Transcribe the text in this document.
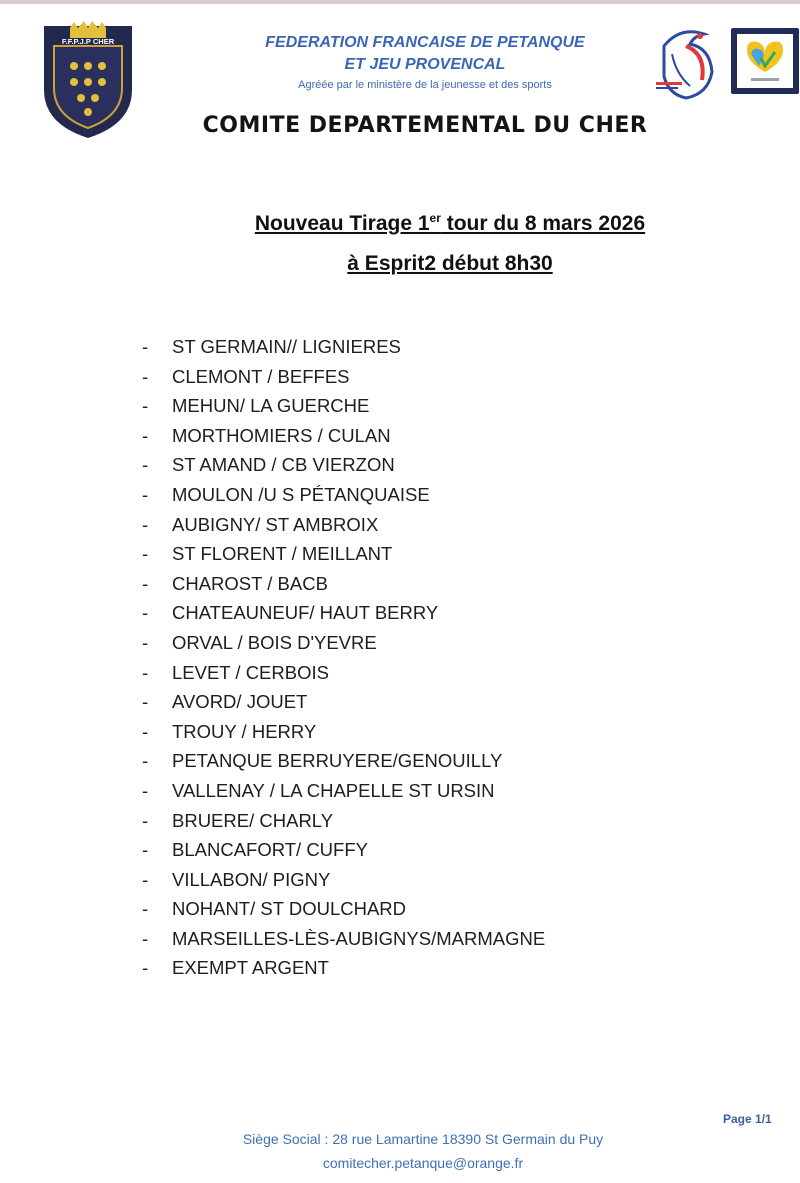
F.F.P.J.P CHER	FEDERATION FRANCAISE DE PETANQUE
ET JEU PROVENCAL
Agréée par le ministère de la jeunesse et des sports
COMITE DEPARTEMENTAL DU CHER
Nouveau Tirage 1er tour du 8 mars 2026
à Esprit2 début 8h30
- ST GERMAIN// LIGNIERES
- CLEMONT / BEFFES
- MEHUN/ LA GUERCHE
- MORTHOMIERS / CULAN
- ST AMAND / CB VIERZON
- MOULON /U S PÉTANQUAISE
- AUBIGNY/ ST AMBROIX
- ST FLORENT / MEILLANT
- CHAROST / BACB
- CHATEAUNEUF/ HAUT BERRY
- ORVAL / BOIS D'YEVRE
- LEVET / CERBOIS
- AVORD/ JOUET
- TROUY / HERRY
- PETANQUE BERRUYERE/GENOUILLY
- VALLENAY / LA CHAPELLE ST URSIN
- BRUERE/ CHARLY
- BLANCAFORT/ CUFFY
- VILLABON/ PIGNY
- NOHANT/ ST DOULCHARD
- MARSEILLES-LÈS-AUBIGNYS/MARMAGNE
- EXEMPT ARGENT
Page 1/1
Siège Social : 28 rue Lamartine 18390 St Germain du Puy
comitecher.petanque@orange.fr
